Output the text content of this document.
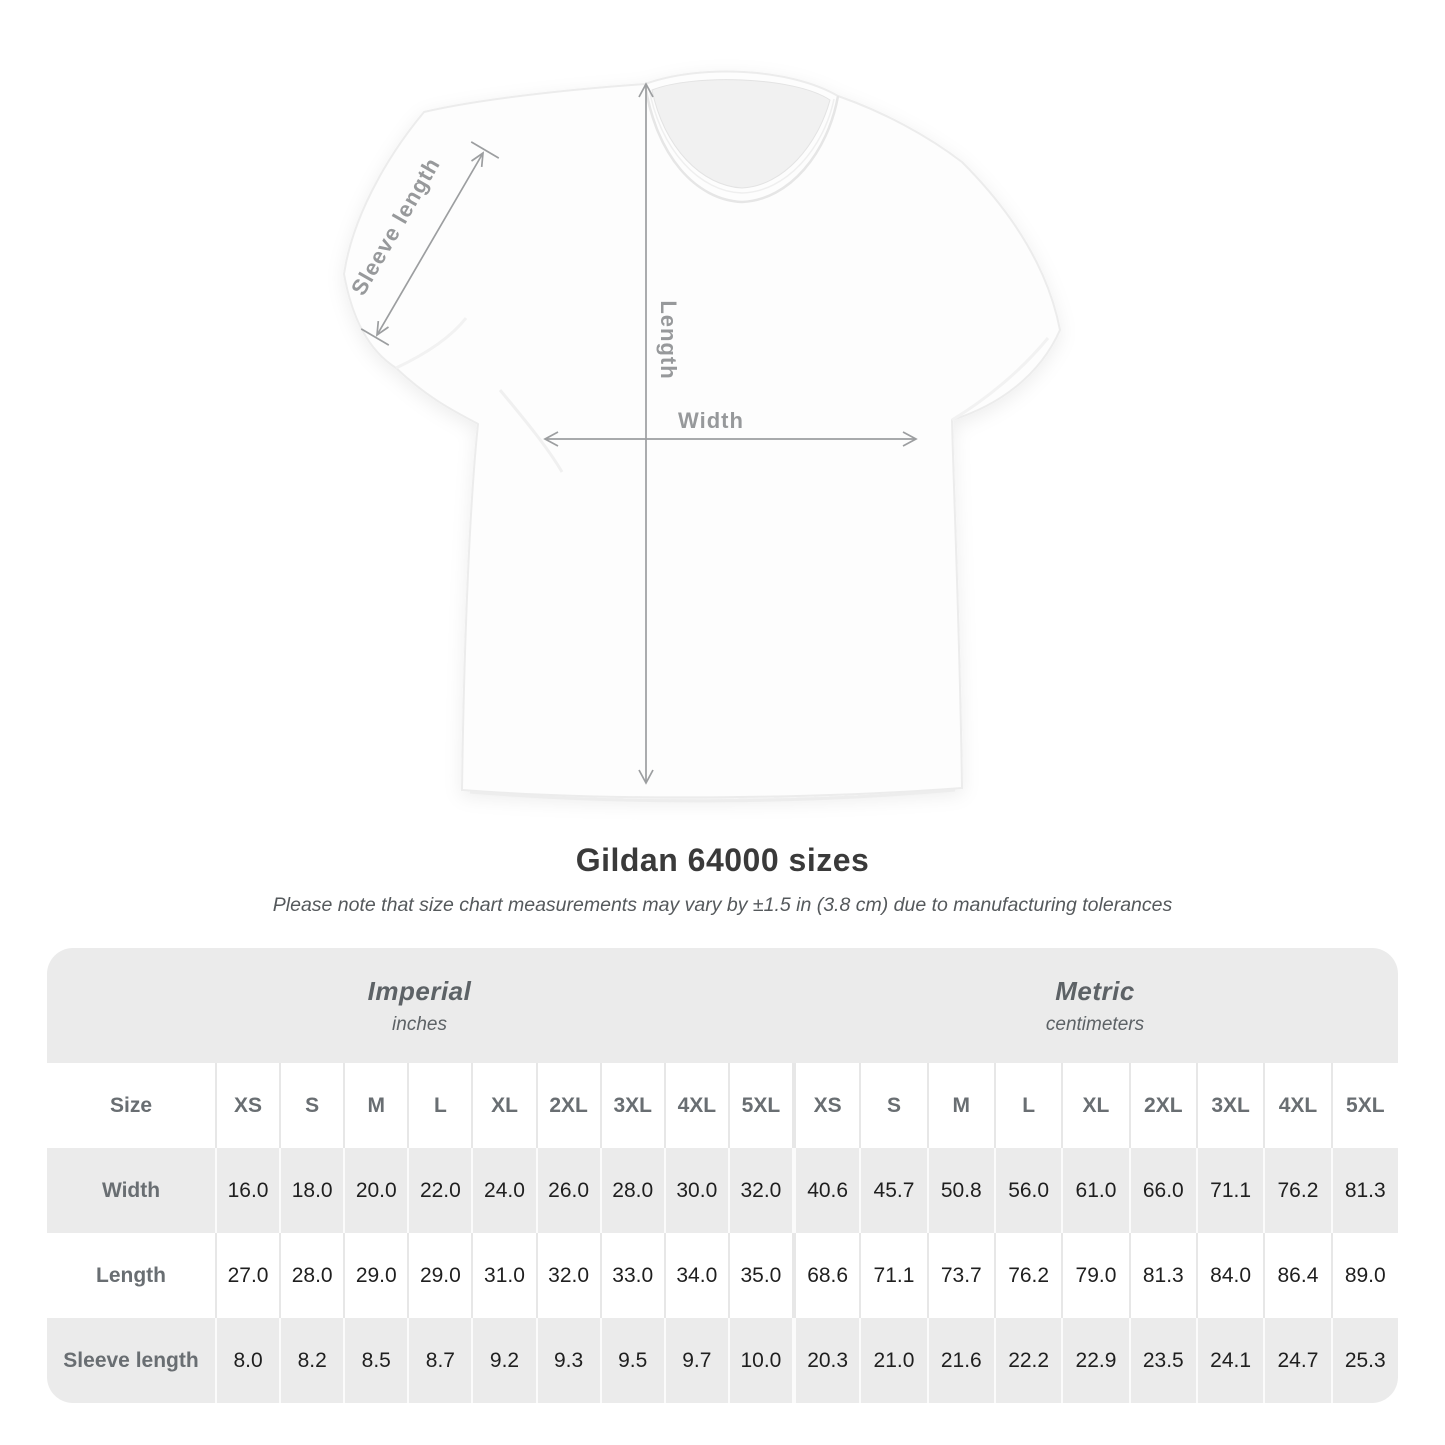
Width
Length
Sleeve length
Gildan 64000 sizes
Please note that size chart measurements may vary by ±1.5 in (3.8 cm) due to manufacturing tolerances
Imperial
inches
Metric
centimeters
Size	XS	S	M	L	XL	2XL	3XL	4XL	5XL	XS	S	M	L	XL	2XL	3XL	4XL	5XL
Width	16.0	18.0	20.0	22.0	24.0	26.0	28.0	30.0	32.0	40.6	45.7	50.8	56.0	61.0	66.0	71.1	76.2	81.3
Length	27.0	28.0	29.0	29.0	31.0	32.0	33.0	34.0	35.0	68.6	71.1	73.7	76.2	79.0	81.3	84.0	86.4	89.0
Sleeve length	8.0	8.2	8.5	8.7	9.2	9.3	9.5	9.7	10.0	20.3	21.0	21.6	22.2	22.9	23.5	24.1	24.7	25.3
